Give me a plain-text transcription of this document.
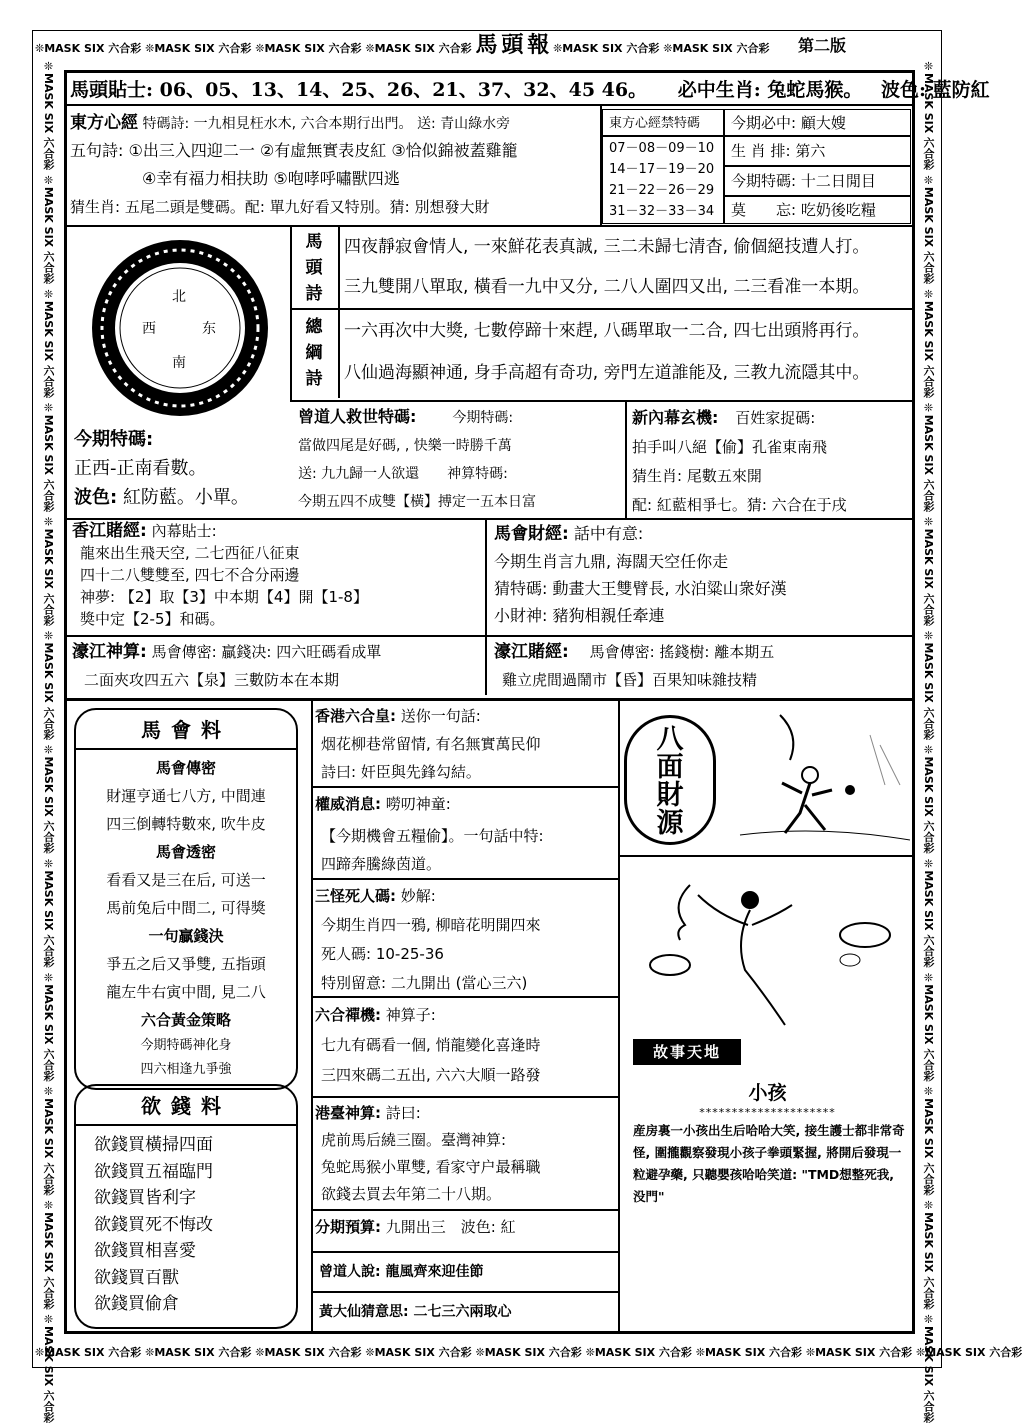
❊MASK SIX 六合彩 ❊MASK SIX 六合彩 ❊MASK SIX 六合彩 ❊MASK SIX 六合彩 馬 頭 報 ❊MASK SIX 六合彩 ❊MASK SIX 六合彩	第二版
❊MASK SIX 六合彩 ❊MASK SIX 六合彩 ❊MASK SIX 六合彩 ❊MASK SIX 六合彩 ❊MASK SIX 六合彩 ❊MASK SIX 六合彩 ❊MASK SIX 六合彩 ❊MASK SIX 六合彩 ❊MASK SIX 六合彩 ❊MASK SIX 六合彩 ❊MASK SIX 六合彩 ❊MASK SIX 六合彩
❊MASK SIX 六合彩 ❊MASK SIX 六合彩 ❊MASK SIX 六合彩 ❊MASK SIX 六合彩 ❊MASK SIX 六合彩 ❊MASK SIX 六合彩 ❊MASK SIX 六合彩 ❊MASK SIX 六合彩 ❊MASK SIX 六合彩 ❊MASK SIX 六合彩 ❊MASK SIX 六合彩 ❊MASK SIX 六合彩
❊MASK SIX 六合彩 ❊MASK SIX 六合彩 ❊MASK SIX 六合彩 ❊MASK SIX 六合彩 ❊MASK SIX 六合彩 ❊MASK SIX 六合彩 ❊MASK SIX 六合彩 ❊MASK SIX 六合彩 ❊MASK SIX 六合彩
馬頭貼士: 06、05、13、14、25、26、21、37、32、45 46。 必中生肖: 兔蛇馬猴。 波色: 藍防紅
東方心經 特碼詩: 一九相見枉水木, 六合本期行出門。 送: 青山綠水旁
五句詩: ①出三入四迎二一 ②有虛無實表皮紅 ③恰似錦被蓋雞籠
④幸有福力相扶助 ⑤咆哮呼嘯獸四逃
猜生肖: 五尾二頭是雙碼。配: 單九好看又特別。猜: 別想發大財
東方心經禁特碼
07－08－09－10
14－17－19－20
21－22－26－29
31－32－33－34
今期必中: 顧大嫂
生 肖 排: 第六
今期特碼: 十二日閒目
莫　　忘: 吃奶後吃糧
北
西	东
南
馬
頭
詩
四夜靜寂會情人, 一來鮮花表真誠, 三二未歸七清杳, 偷個絕技遭人打。
三九雙開八單取, 橫看一九中又分, 二八人圍四又出, 二三看准一本期。
總
綱
詩
一六再次中大獎, 七數停蹄十來趕, 八碼單取一二合, 四七出頭將再行。
八仙過海顯神通, 身手高超有奇功, 旁門左道誰能及, 三教九流隱其中。
今期特碼:
正西-正南看數。
波色: 紅防藍。小單。
曾道人救世特碼:	今期特碼:
當做四尾是好碼, , 快樂一時勝千萬
送: 九九歸一人欲還 神算特碼:
今期五四不成雙【橫】搏定一五本日富
新內幕玄機: 百姓家捉碼:
拍手叫八絕【偷】孔雀東南飛
猜生肖: 尾數五來開
配: 紅藍相爭七。猜: 六合在于戌
香江賭經: 內幕貼士:
龍來出生飛天空, 二七西征八征東
四十二八雙雙至, 四七不合分兩邊
神夢: 【2】取【3】中本期【4】開【1-8】
獎中定【2-5】和碼。
馬會財經: 話中有意:
今期生肖言九鼎, 海闊天空任你走
猜特碼: 動畫大王雙臂長, 水泊粱山衆好漢
小財神: 豬狗相親任牽連
濠江神算: 馬會傳密: 贏錢决: 四六旺碼看成單
二面夾攻四五六【泉】三數防本在本期
濠江賭經: 馬會傳密: 搖錢樹: 離本期五
雞立虎間過鬧市【昏】百果知味雜技精
馬會料
馬會傳密
財運亨通七八方, 中間連
四三倒轉特數來, 吹牛皮
馬會透密
看看又是三在后, 可送一
馬前兔后中間二, 可得獎
一句贏錢決
爭五之后又爭雙, 五指頭
龍左牛右寅中間, 見二八
六合黃金策略
今期特碼神化身
四六相逢九爭強
欲錢料
欲錢買橫掃四面
欲錢買五福臨門
欲錢買皆利字
欲錢買死不悔改
欲錢買相喜愛
欲錢買百獸
欲錢買偷倉
香港六合皇: 送你一句話:
烟花柳巷常留情, 有名無實萬民仰
詩曰: 奸臣與先鋒勾結。
權威消息: 嘮叨神童:
【今期機會五糧偷】。一句話中特:
四蹄奔騰綠茵道。
三怪死人碼: 妙解:
今期生肖四一鴉, 柳暗花明開四來
死人碼: 10-25-36
特別留意: 二九開出 (當心三六)
六合禪機: 神算子:
七九有碼看一個, 悄龍變化喜逢時
三四來碼二五出, 六六大順一路發
港臺神算: 詩曰:
虎前馬后繞三圈。臺灣神算:
兔蛇馬猴小單雙, 看家守户最稱職
欲錢去買去年第二十八期。
分期預算: 九開出三　波色: 紅
曾道人說: 龍風齊來迎佳節
黃大仙猜意思: 二七三六兩取心
八
面
財
源
故事天地
小孩
*********************
産房裏一小孩出生后哈哈大笑, 接生護士都非常奇怪, 圍攏觀察發現小孩子拳頭緊握, 將開后發現一粒避孕藥, 只聽嬰孩哈哈笑道: "TMD想整死我, 没門"
